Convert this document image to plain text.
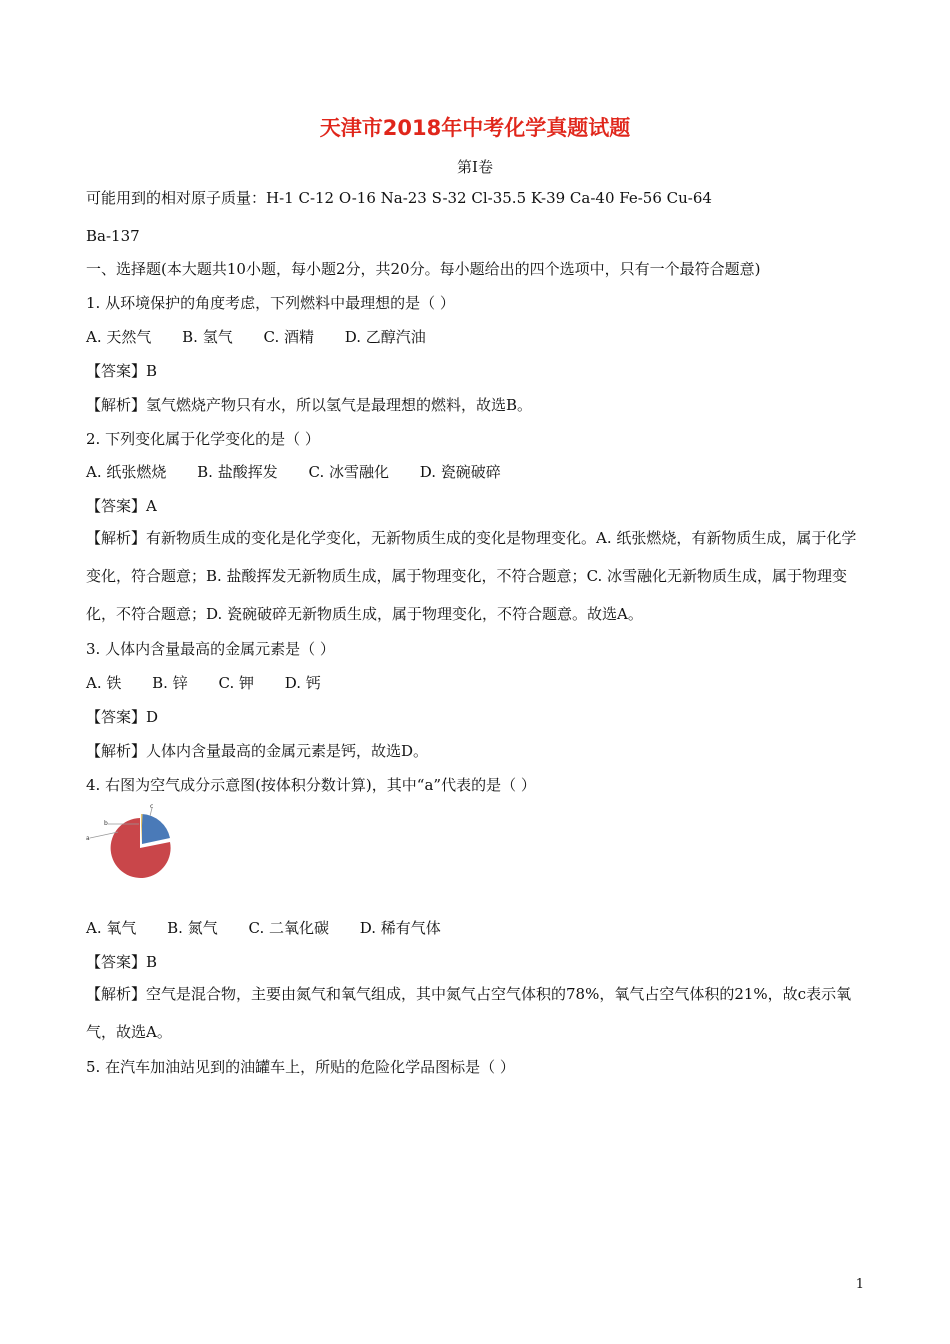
天津市2018年中考化学真题试题
第Ⅰ卷
可能用到的相对原子质量：H-1 C-12 O-16 Na-23 S-32 Cl-35.5 K-39 Ca-40 Fe-56 Cu-64
Ba-137
一、选择题(本大题共10小题，每小题2分，共20分。每小题给出的四个选项中，只有一个最符合题意)
1. 从环境保护的角度考虑，下列燃料中最理想的是（ ）
A. 天然气 B. 氢气 C. 酒精 D. 乙醇汽油
【答案】B
【解析】氢气燃烧产物只有水，所以氢气是最理想的燃料，故选B。
2. 下列变化属于化学变化的是（ ）
A. 纸张燃烧 B. 盐酸挥发 C. 冰雪融化 D. 瓷碗破碎
【答案】A
【解析】有新物质生成的变化是化学变化，无新物质生成的变化是物理变化。A. 纸张燃烧，有新物质生成，属于化学变化，符合题意；B. 盐酸挥发无新物质生成，属于物理变化，不符合题意；C. 冰雪融化无新物质生成，属于物理变化，不符合题意；D. 瓷碗破碎无新物质生成，属于物理变化，不符合题意。故选A。
3. 人体内含量最高的金属元素是（ ）
A. 铁 B. 锌 C. 钾 D. 钙
【答案】D
【解析】人体内含量最高的金属元素是钙，故选D。
4. 右图为空气成分示意图(按体积分数计算)，其中“a”代表的是（ ）
a
b
c
A. 氧气 B. 氮气 C. 二氧化碳 D. 稀有气体
【答案】B
【解析】空气是混合物，主要由氮气和氧气组成，其中氮气占空气体积的78%，氧气占空气体积的21%，故c表示氧气，故选A。
5. 在汽车加油站见到的油罐车上，所贴的危险化学品图标是（ ）
1
